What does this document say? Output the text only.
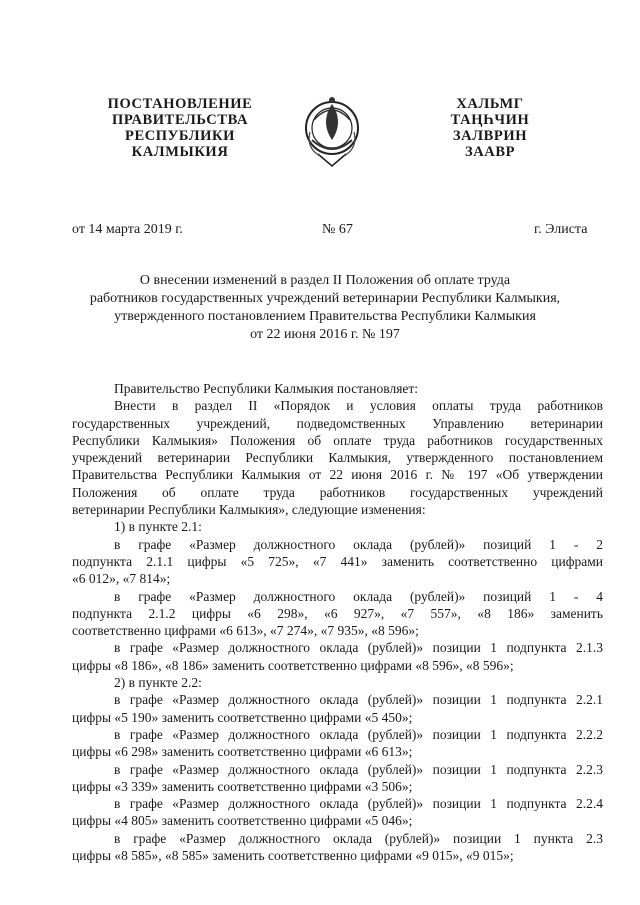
ПОСТАНОВЛЕНИЕ
ПРАВИТЕЛЬСТВА
РЕСПУБЛИКИ
КАЛМЫКИЯ
ХАЛЬМГ
ТАҢҺЧИН
ЗАЛВРИН
ЗААВР
от 14 марта 2019 г.	№ 67	г. Элиста
О внесении изменений в раздел II Положения об оплате труда
работников государственных учреждений ветеринарии Республики Калмыкия,
утвержденного постановлением Правительства Республики Калмыкия
от 22 июня 2016 г. № 197
Правительство Республики Калмыкия постановляет:
Внести в раздел II «Порядок и условия оплаты труда работников
государственных учреждений, подведомственных Управлению ветеринарии
Республики Калмыкия» Положения об оплате труда работников государственных
учреждений ветеринарии Республики Калмыкия, утвержденного постановлением
Правительства Республики Калмыкия от 22 июня 2016 г. № 197 «Об утверждении
Положения об оплате труда работников государственных учреждений
ветеринарии Республики Калмыкия», следующие изменения:
1) в пункте 2.1:
в графе «Размер должностного оклада (рублей)» позиций 1 - 2
подпункта 2.1.1 цифры «5 725», «7 441» заменить соответственно цифрами
«6 012», «7 814»;
в графе «Размер должностного оклада (рублей)» позиций 1 - 4
подпункта 2.1.2 цифры «6 298», «6 927», «7 557», «8 186» заменить
соответственно цифрами «6 613», «7 274», «7 935», «8 596»;
в графе «Размер должностного оклада (рублей)» позиции 1 подпункта 2.1.3
цифры «8 186», «8 186» заменить соответственно цифрами «8 596», «8 596»;
2) в пункте 2.2:
в графе «Размер должностного оклада (рублей)» позиции 1 подпункта 2.2.1
цифры «5 190» заменить соответственно цифрами «5 450»;
в графе «Размер должностного оклада (рублей)» позиции 1 подпункта 2.2.2
цифры «6 298» заменить соответственно цифрами «6 613»;
в графе «Размер должностного оклада (рублей)» позиции 1 подпункта 2.2.3
цифры «3 339» заменить соответственно цифрами «3 506»;
в графе «Размер должностного оклада (рублей)» позиции 1 подпункта 2.2.4
цифры «4 805» заменить соответственно цифрами «5 046»;
в графе «Размер должностного оклада (рублей)» позиции 1 пункта 2.3
цифры «8 585», «8 585» заменить соответственно цифрами «9 015», «9 015»;
